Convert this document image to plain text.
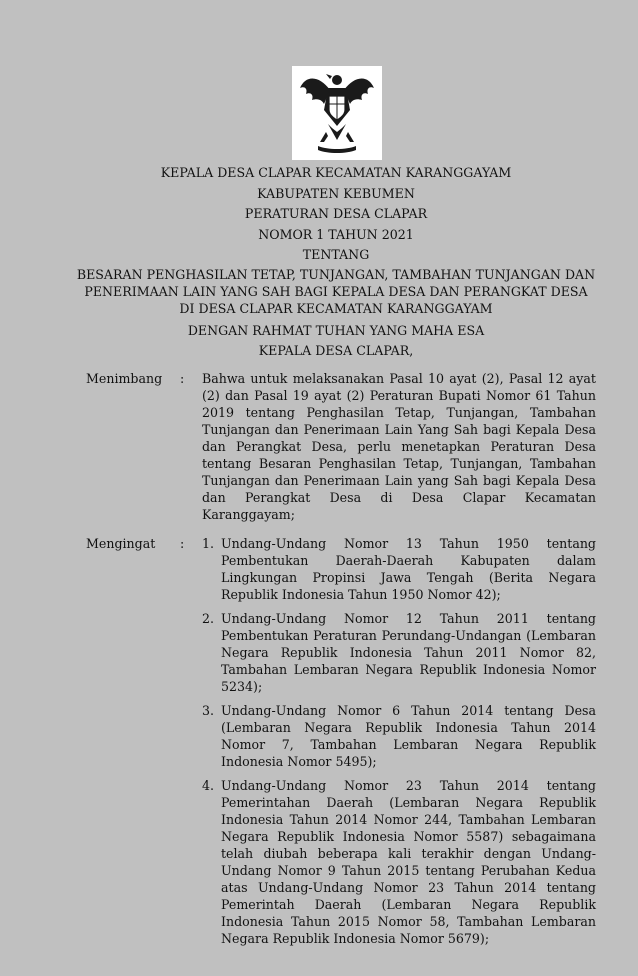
KEPALA DESA CLAPAR KECAMATAN KARANGGAYAM
KABUPATEN KEBUMEN
PERATURAN DESA CLAPAR
NOMOR 1 TAHUN 2021
TENTANG
BESARAN PENGHASILAN TETAP, TUNJANGAN, TAMBAHAN TUNJANGAN DAN
PENERIMAAN LAIN YANG SAH BAGI KEPALA DESA DAN PERANGKAT DESA
DI DESA CLAPAR KECAMATAN KARANGGAYAM
DENGAN RAHMAT TUHAN YANG MAHA ESA
KEPALA DESA CLAPAR,
Menimbang	:	Bahwa untuk melaksanakan Pasal 10 ayat (2), Pasal 12 ayat (2) dan Pasal 19 ayat (2) Peraturan Bupati Nomor 61 Tahun 2019 tentang Penghasilan Tetap, Tunjangan, Tambahan Tunjangan dan Penerimaan Lain Yang Sah bagi Kepala Desa dan Perangkat Desa, perlu menetapkan Peraturan Desa tentang Besaran Penghasilan Tetap, Tunjangan, Tambahan Tunjangan dan Penerimaan Lain yang Sah bagi Kepala Desa dan Perangkat Desa di Desa Clapar Kecamatan Karanggayam;
Mengingat	:	1. Undang-Undang Nomor 13 Tahun 1950 tentang Pembentukan Daerah-Daerah Kabupaten dalam Lingkungan Propinsi Jawa Tengah (Berita Negara Republik Indonesia Tahun 1950 Nomor 42);
2. Undang-Undang Nomor 12 Tahun 2011 tentang Pembentukan Peraturan Perundang-Undangan (Lembaran Negara Republik Indonesia Tahun 2011 Nomor 82, Tambahan Lembaran Negara Republik Indonesia Nomor 5234);
3. Undang-Undang Nomor 6 Tahun 2014 tentang Desa (Lembaran Negara Republik Indonesia Tahun 2014 Nomor 7, Tambahan Lembaran Negara Republik Indonesia Nomor 5495);
4. Undang-Undang Nomor 23 Tahun 2014 tentang Pemerintahan Daerah (Lembaran Negara Republik Indonesia Tahun 2014 Nomor 244, Tambahan Lembaran Negara Republik Indonesia Nomor 5587) sebagaimana telah diubah beberapa kali terakhir dengan Undang-Undang Nomor 9 Tahun 2015 tentang Perubahan Kedua atas Undang-Undang Nomor 23 Tahun 2014 tentang Pemerintah Daerah (Lembaran Negara Republik Indonesia Tahun 2015 Nomor 58, Tambahan Lembaran Negara Republik Indonesia Nomor 5679);
